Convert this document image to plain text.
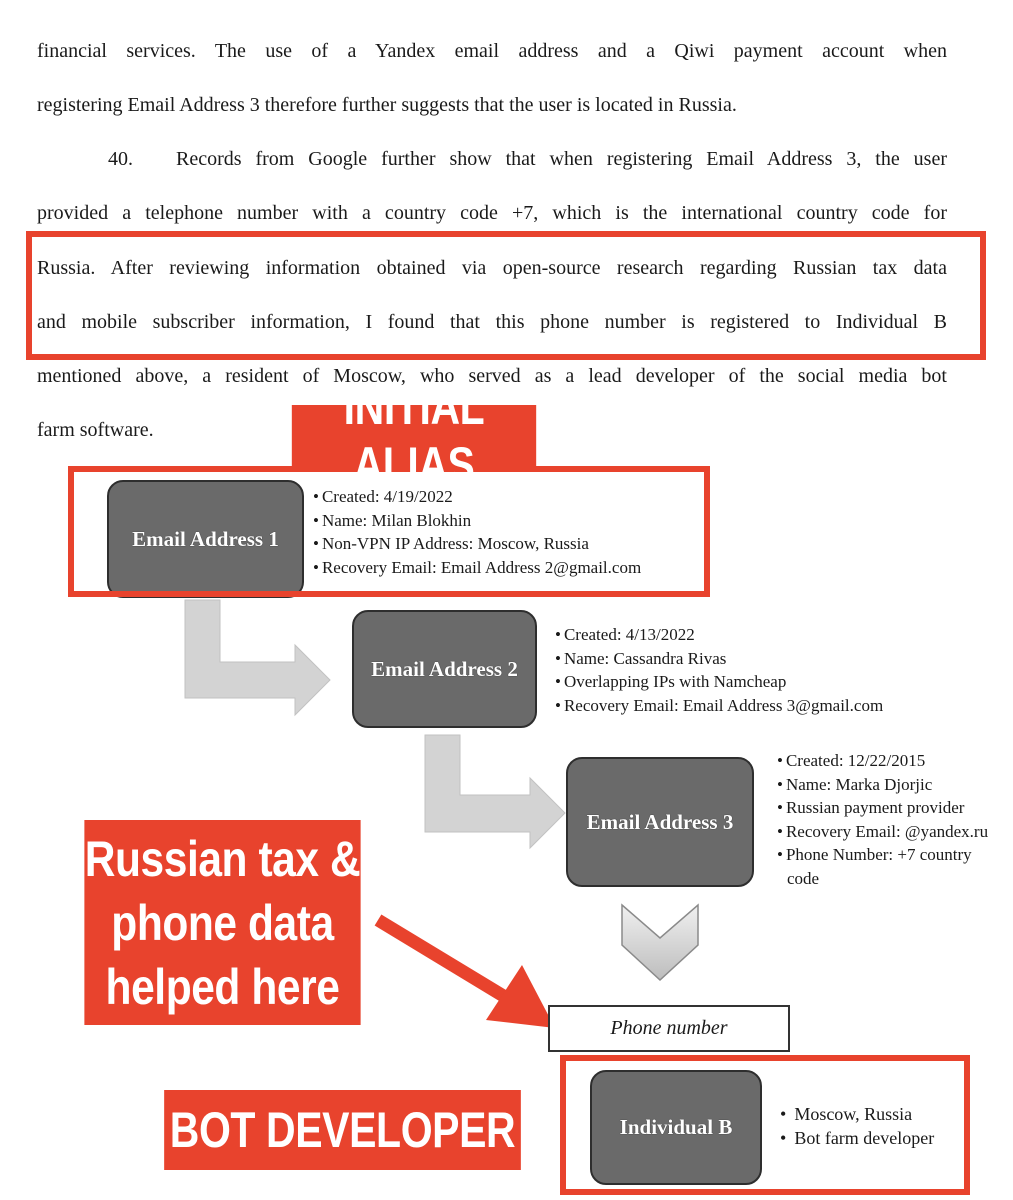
financial services. The use of a Yandex email address and a Qiwi payment account when
registering Email Address 3 therefore further suggests that the user is located in Russia.
40. Records from Google further show that when registering Email Address 3, the user
provided a telephone number with a country code +7, which is the international country code for
Russia. After reviewing information obtained via open-source research regarding Russian tax data
and mobile subscriber information, I found that this phone number is registered to Individual B
mentioned above, a resident of Moscow, who served as a lead developer of the social media bot
farm software.
Email Address 1
• Created: 4/19/2022
• Name: Milan Blokhin
• Non-VPN IP Address: Moscow, Russia
• Recovery Email: Email Address 2@gmail.com
INITIAL ALIAS
Email Address 2
• Created: 4/13/2022
• Name: Cassandra Rivas
• Overlapping IPs with Namcheap
• Recovery Email: Email Address 3@gmail.com
Email Address 3
• Created: 12/22/2015
• Name: Marka Djorjic
• Russian payment provider
• Recovery Email: @yandex.ru
• Phone Number: +7 country
code
Russian tax &
phone data
helped here
Phone number
Individual B
• Moscow, Russia
• Bot farm developer
BOT DEVELOPER
